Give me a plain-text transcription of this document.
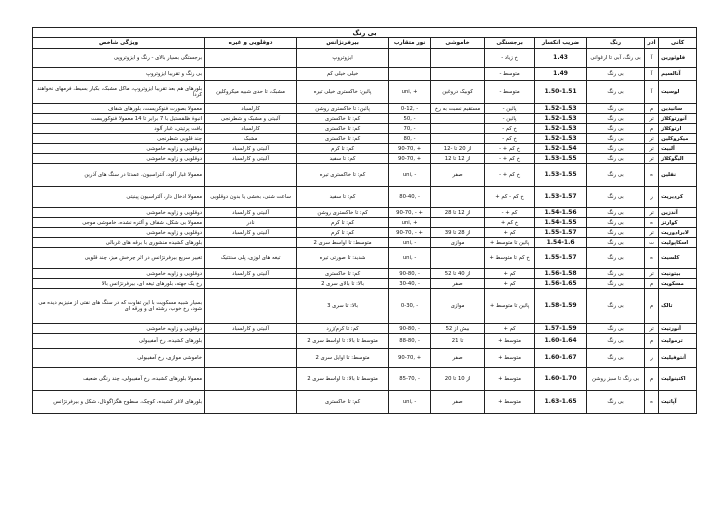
بی رنگ									
کانی	ادر	رنگ	ضریب انکسار	برجستگی	خاموشی	نور متقارب	بیرفرنژانس	دوقلویی و غیره	ویژگی شاخص
فلوئورین	آ	بی رنگ، آبی تا ارغوانی	1.43	خ زیاد -			ایزوتروپ		برجستگی بسیار بالای - رنگ و ایزوتروپی
آنالسیم	آ	بی رنگ	1.49	متوسط -			خیلی خیلی کم		بی رنگ و تقریبا ایزوتروپ
لوسیت	آ	بی رنگ	1.50-1.51	متوسط -	کوبیک دروغین	+ ,uni	پائین: خاکستری خیلی تیره	مشبک، تا حدی شبیه میکروکلین	بلورهای هم بعد تقریبا ایزوتروپ، ماکل مشبک، بکیار بسیط، فرمهای نخواهند کردا
سانیدین	م	بی رنگ	1.52-1.53	پائین -	مستقیم نسبت به رخ	- ,0-12	پائین: تا خاکستری روشن	کارلسباد	معمولا بصورت فنوکریست، بلورهای شفاف
آنورتوکلاز	تر	بی رنگ	1.52-1.53	پائین -		- ,50	کم: تا خاکستری	آلبیتی و مشبک و شطرنجی	انبوهٔ ظلفستیل با 7 برابر تا 14 معمولا فنوکوریست
ارتوکلاز	م	بی رنگ	1.52-1.53	خ کم -		- ,70	کم: تا خاکستری	کارلسباد	بافت پرتیتی، غبار آلود
میکروکلین	تر	بی رنگ	1.52-1.53	خ کم -		- ,80	کم: تا خاکستری	مشبک	چند قلویی شطرنجی
آلبیت	تر	بی رنگ	1.52-1.54	خ کم + -	از 20 تا -12	+ ,90-70	کم: تا کرم	آلبیتی و کارلسباد	دوقلویی و زاویه خاموشی
الیگوکلاز	تر	بی رنگ	1.53-1.55	خ کم + -	از 12 تا 12	+ ,90-70	کم: تا سفید	آلبیتی و کارلسباد	دوقلویی و زاویه خاموشی
نفلین	ه	بی رنگ	1.53-1.55	خ کم + -	صفر	- ,uni	کم: تا خاکستری تیره		معمولا غبار آلود، آنتراسیون، عمدتا در سنگ های آذرین
کردیریت	ر	بی رنگ	1.53-1.57	خ کم - کم +		- ,80-40	کم: تا سفید	ساعت شنی، بخشی یا بدون دوقلویی	معمولا ادخال دار، آلتراسیون پینیتی
آندزین	تر	بی رنگ	1.54-1.56	کم + -	از 12 تا 28	+ - ,90-70	کم: تا خاکستری روشن	آلبیتی و کارلسباد	دوقلویی و زاویه خاموشی
کوارتز	ه	بی رنگ	1.54-1.55	خ کم +		+ ,uni	کم: تا کرم	نادر	معمولا بی شکل، شفاف و آلتره نشده، خاموشی موجی
لابرادوریت	تر	بی رنگ	1.55-1.57	کم +	از 28 تا 39	+ - ,90-70	کم: تا کرم	آلبیتی و کارلسباد	دوقلویی و زاویه خاموشی
اسکاپولیت	ت	بی رنگ	1.54-1.6	پائین تا متوسط +	موازی	- ,uni	متوسط: تا اواسط سری 2		بلورهای کشیده منشوری با برقه های غربالی
کلسیت	ه	بی رنگ	1.55-1.57	خ کم تا متوسط +		- ,uni	شدید: تا صورتی تیره	تیغه های لوزی، پلی سنتتیک	تغییر سریع بیرفرنژانس در اثر چرخش میز، چند قلویی
بیتونیت	تر	بی رنگ	1.56-1.58	کم +	از 40 تا 52	- ,90-80	کم: تا خاکستری	آلبیتی و کارلسباد	دوقلویی و زاویه خاموشی
مسکویت	م	بی رنگ	1.56-1.65	کم +	صفر	- ,30-40	بالا: تا بالای سری 2		رخ یک جهته، بلورهای تیغه ای، بیرفرنژانس بالا
تالک	م	بی رنگ	1.58-1.59	پائین تا متوسط +	موازی	- ,0-30	بالا: تا سری 3		بسیار شبیه مسکویت با این تفاوت که در سنگ های نفتی از منیزیم دیده می شود، رخ خوب، رشته ای و ورقه ای
آنورتیت	تر	بی رنگ	1.57-1.59	کم +	بیش از 52	- ,90-80	کم: تا کرم/زرد	آلبیتی و کارلسباد	دوقلویی و زاویه خاموشی
ترمولیت	م	بی رنگ	1.60-1.64	متوسط +	تا 21	- ,88-80	متوسط تا بالا: تا اواسط سری 2		بلورهای کشیده، رخ آمفیبولی
آنتوفیلیت	ر	بی رنگ	1.60-1.67	متوسط +	صفر	+ ,90-70	متوسط: تا اوایل سری 2		خاموشی موازی، رخ آمفیبولی
اکتینولیت	م	بی رنگ تا سبز روشن	1.60-1.70	متوسط +	از 10 تا 20	- ,85-70	متوسط تا بالا: تا اواسط سری 2		معمولا بلورهای کشیده، رخ آمفیبولی، چند رنگی ضعیف
آپاتیت	ه	بی رنگ	1.63-1.65	متوسط +	صفر	- ,uni	کم: تا خاکستری		بلورهای لاغر کشیده، کوچک، سطوح هگزاگونال، شکل و بیرفرنژانس
